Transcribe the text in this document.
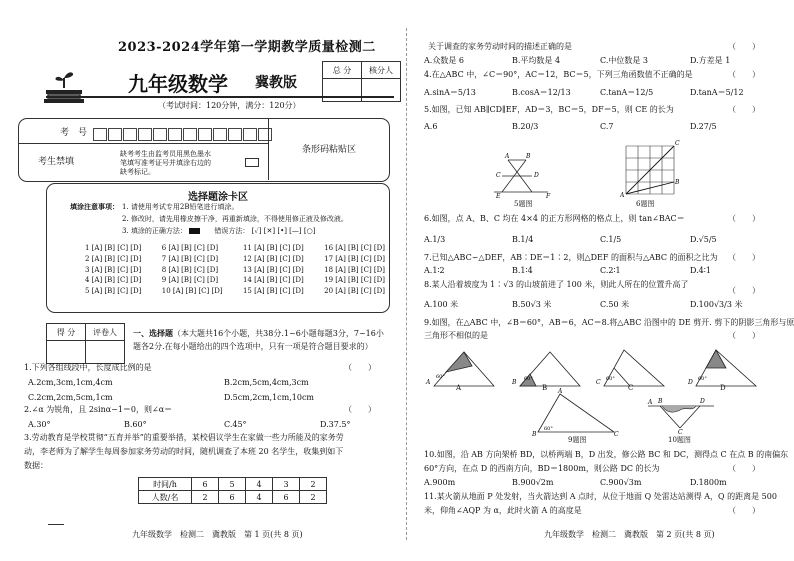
2023-2024学年第一学期教学质量检测二
九年级数学 冀教版
总 分	核分人

（考试时间：120分钟，满分：120分）
考　号
考生禁填
缺考考生由监考员用黑色墨水
笔填写准考证号并填涂右边的
缺考标记。
条形码粘贴区
选择题涂卡区
填涂注意事项： 1. 请使用考试专用2B铅笔进行填涂。
2. 修改时，请先用橡皮擦干净，再重新填涂，不得使用修正液及修改液。
3. 填涂的正确方法：	错误方法： [✓] [✕] [•] [—] [○]
1 [A] [B] [C] [D]
2 [A] [B] [C] [D]
3 [A] [B] [C] [D]
4 [A] [B] [C] [D]
5 [A] [B] [C] [D]
6 [A] [B] [C] [D]
7 [A] [B] [C] [D]
8 [A] [B] [C] [D]
9 [A] [B] [C] [D]
10 [A] [B] [C] [D]
11 [A] [B] [C] [D]
12 [A] [B] [C] [D]
13 [A] [B] [C] [D]
14 [A] [B] [C] [D]
15 [A] [B] [C] [D]
16 [A] [B] [C] [D]
17 [A] [B] [C] [D]
18 [A] [B] [C] [D]
19 [A] [B] [C] [D]
20 [A] [B] [C] [D]
得 分	评卷人
	一、选择题（本大题共16个小题，共38分.1~6小题每题3分，7~16小
题各2分.在每小题给出的四个选项中，只有一项是符合题目要求的）
1.下列各组线段中，长度成比例的是	（　　）
A.2cm,3cm,1cm,4cm	B.2cm,5cm,4cm,3cm
C.2cm,2cm,5cm,1cm	D.5cm,2cm,1cm,10cm
2.∠α 为锐角，且 2sinα−1＝0，则∠α＝	（　　）
A.30°	B.60°	C.45°	D.37.5°
3.劳动教育是学校贯彻“五育并举”的重要举措，某校倡议学生在家做一些力所能及的家务劳
动，李老师为了解学生每周参加家务劳动的时间，随机调查了本班 20 名学生，收集到如下
数据：
时间/h	6	5	4	3	2
人数/名	2	6	4	6	2
九年级数学　检测二　冀教版　第 1 页(共 8 页)
关于调查的家务劳动时间的描述正确的是	（　　）
A.众数是 6	B.平均数是 4	C.中位数是 3	D.方差是 1
4.在△ABC 中，∠C＝90°，AC＝12，BC＝5，下列三角函数值不正确的是	（　　）
A.sinA＝5/13	B.cosA＝12/13	C.tanA＝12/5	D.tanA＝5/12
5.如图，已知 AB∥CD∥EF，AD＝3，BC＝5，DF＝5，则 CE 的长为	（　　）
A.6	B.20/3	C.7	D.27/5
A	B
C	D
E	F
5题图
A
C
B
6题图
6.如图，点 A、B、C 均在 4×4 的正方形网格的格点上，则 tan∠BAC＝	（　　）
A.1/3	B.1/4	C.1/5	D.√5/5
7.已知△ABC∽△DEF，AB∶DE＝1∶2，则△DEF 的面积与△ABC 的面积之比为 （　　）
A.1∶2	B.1∶4	C.2∶1	D.4∶1
8.某人沿着坡度为 1∶√3 的山坡前进了 100 米，则此人所在的位置升高了
（　　）
A.100 米	B.50√3 米	C.50 米	D.100√3/3 米
9.如图，在△ABC 中，∠B＝60°，AB＝6，AC＝8.将△ABC 沿图中的 DE 剪开. 剪下的阴影三角形与原
三角形不相似的是	（　　）
A
60°
B 60°	C 60°	D 60°
A	B	C	D
B
A
C
60°
9题图
A B	D
C
10题图
10.如图，沿 AB 方向架桥 BD，以桥两端 B，D 出发，修公路 BC 和 DC，测得点 C 在点 B 的南偏东
60°方向，在点 D 的西南方向，BD＝1800m，则公路 DC 的长为	（　　）
A.900m	B.900√2m	C.900√3m	D.1800m
11.某火箭从地面 P 处发射，当火箭达到 A 点时，从位于地面 Q 处雷达站测得 A，Q 的距离是 500
米，仰角∠AQP 为 α，此时火箭 A 的高度是	（　　）
九年级数学　检测二　冀教版　第 2 页(共 8 页)
